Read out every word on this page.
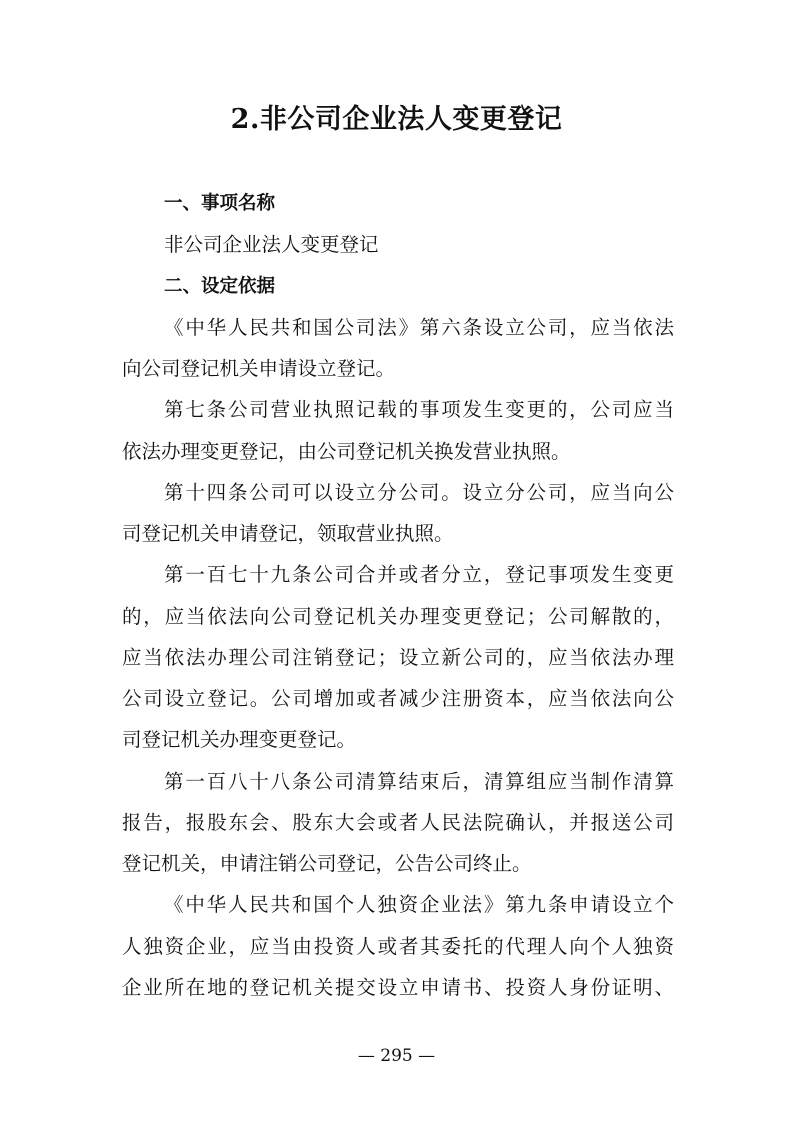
2.非公司企业法人变更登记
一、事项名称
非公司企业法人变更登记
二、设定依据
《中华人民共和国公司法》第六条设立公司，应当依法
向公司登记机关申请设立登记。
第七条公司营业执照记载的事项发生变更的，公司应当
依法办理变更登记，由公司登记机关换发营业执照。
第十四条公司可以设立分公司。设立分公司，应当向公
司登记机关申请登记，领取营业执照。
第一百七十九条公司合并或者分立，登记事项发生变更
的，应当依法向公司登记机关办理变更登记；公司解散的，
应当依法办理公司注销登记；设立新公司的，应当依法办理
公司设立登记。公司增加或者减少注册资本，应当依法向公
司登记机关办理变更登记。
第一百八十八条公司清算结束后，清算组应当制作清算
报告，报股东会、股东大会或者人民法院确认，并报送公司
登记机关，申请注销公司登记，公告公司终止。
《中华人民共和国个人独资企业法》第九条申请设立个
人独资企业，应当由投资人或者其委托的代理人向个人独资
企业所在地的登记机关提交设立申请书、投资人身份证明、
— 295 —
